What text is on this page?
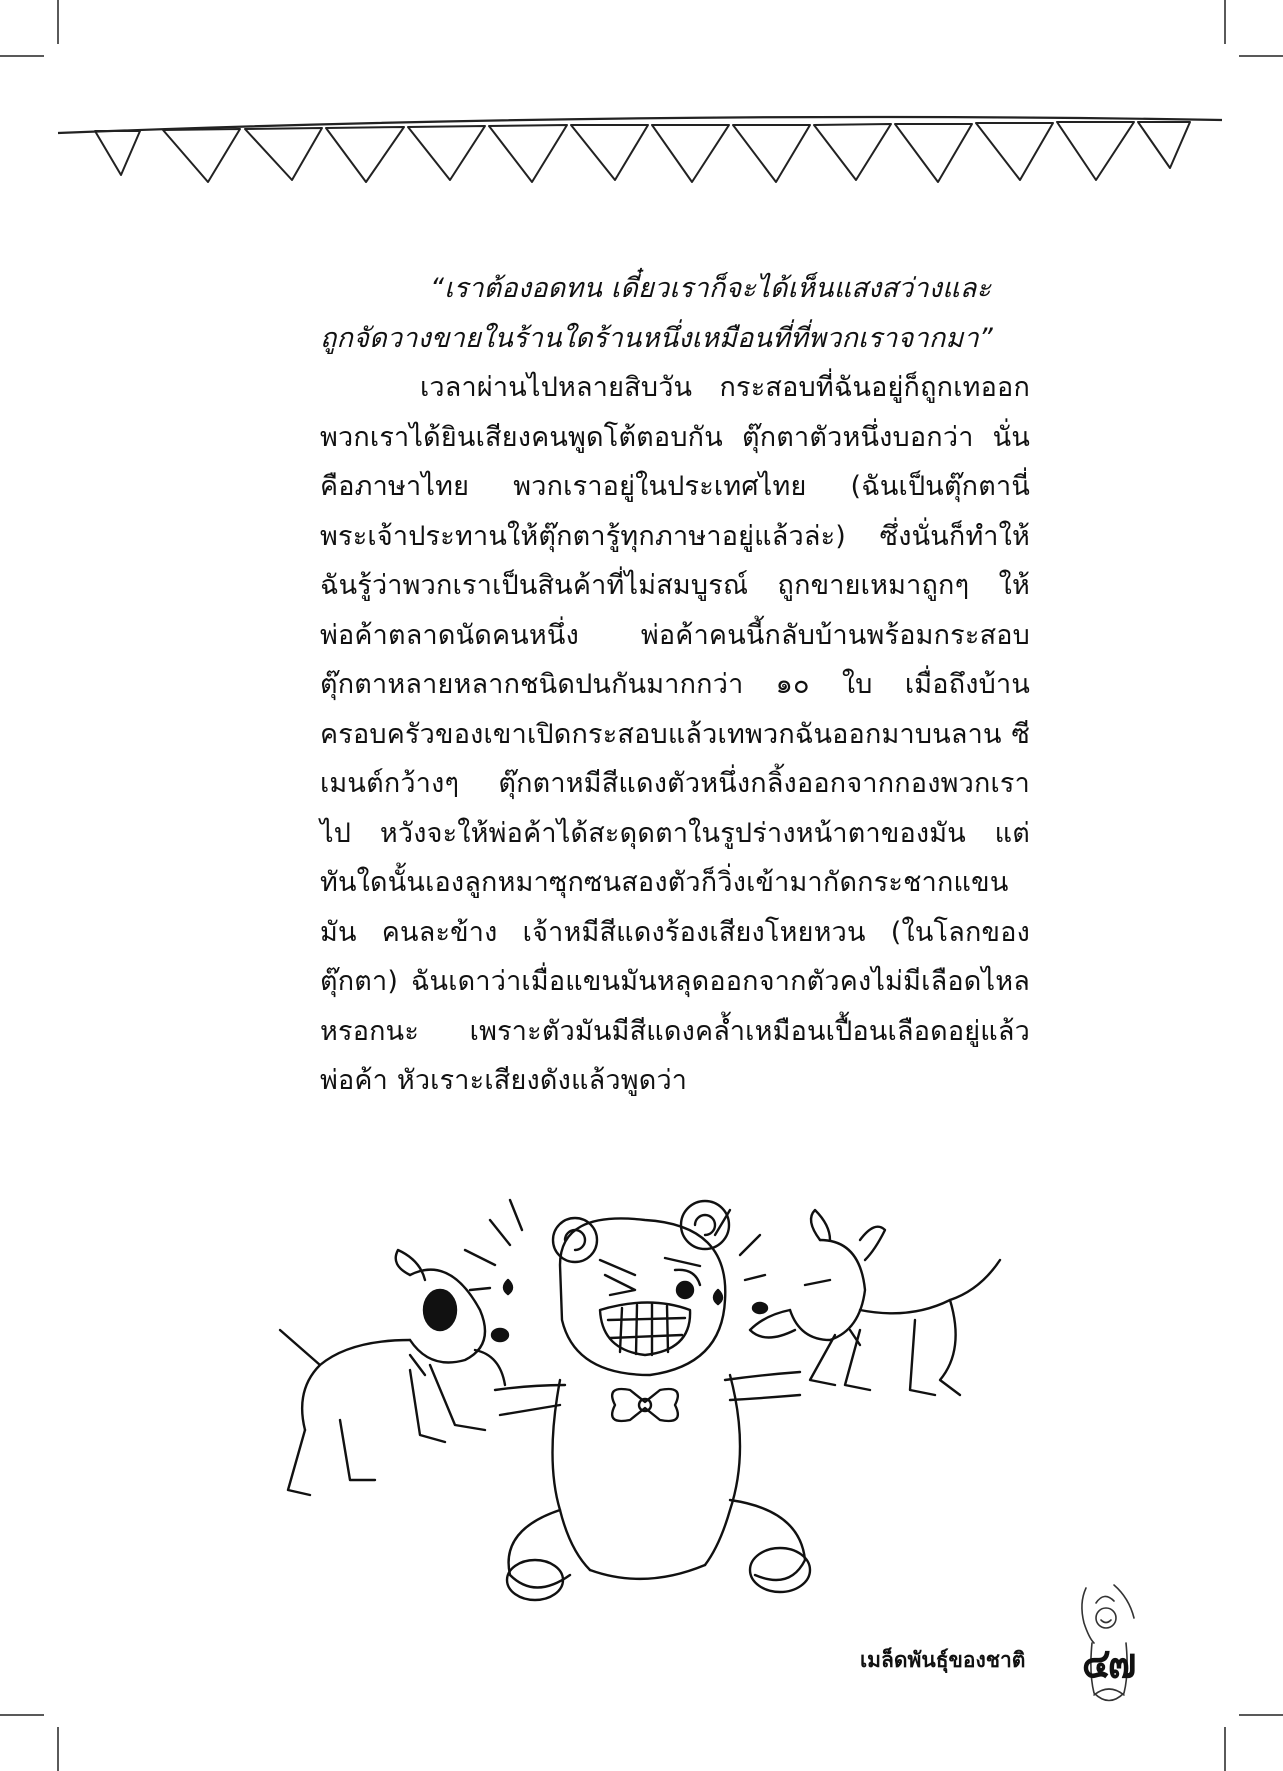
“เราต้องอดทน เดี๋ยวเราก็จะได้เห็นแสงสว่างและ

ถูกจัดวางขายในร้านใดร้านหนึ่งเหมือนที่ที่พวกเราจากมา”

เวลาผ่านไปหลายสิบวัน กระสอบที่ฉันอยู่ก็ถูกเทออก พวกเราได้ยินเสียงคนพูดโต้ตอบกัน ตุ๊กตาตัวหนึ่งบอกว่า นั่นคือภาษาไทย พวกเราอยู่ในประเทศไทย (ฉันเป็นตุ๊กตานี่ พระเจ้าประทานให้ตุ๊กตารู้ทุกภาษาอยู่แล้วล่ะ) ซึ่งนั่นก็ทำให้ ฉันรู้ว่าพวกเราเป็นสินค้าที่ไม่สมบูรณ์ ถูกขายเหมาถูกๆ ให้ พ่อค้าตลาดนัดคนหนึ่ง พ่อค้าคนนี้กลับบ้านพร้อมกระสอบ ตุ๊กตาหลายหลากชนิดปนกันมากกว่า ๑๐ ใบ เมื่อถึงบ้าน ครอบครัวของเขาเปิดกระสอบแล้วเทพวกฉันออกมาบนลาน ซีเมนต์กว้างๆ ตุ๊กตาหมีสีแดงตัวหนึ่งกลิ้งออกจากกองพวกเราไป หวังจะให้พ่อค้าได้สะดุดตาในรูปร่างหน้าตาของมัน แต่ ทันใดนั้นเองลูกหมาซุกซนสองตัวก็วิ่งเข้ามากัดกระชากแขนมัน คนละข้าง เจ้าหมีสีแดงร้องเสียงโหยหวน (ในโลกของตุ๊กตา) ฉันเดาว่าเมื่อแขนมันหลุดออกจากตัวคงไม่มีเลือดไหลหรอกนะ เพราะตัวมันมีสีแดงคล้ำเหมือนเปื้อนเลือดอยู่แล้ว พ่อค้า หัวเราะเสียงดังแล้วพูดว่า

เมล็ดพันธุ์ของชาติ ๔๗
